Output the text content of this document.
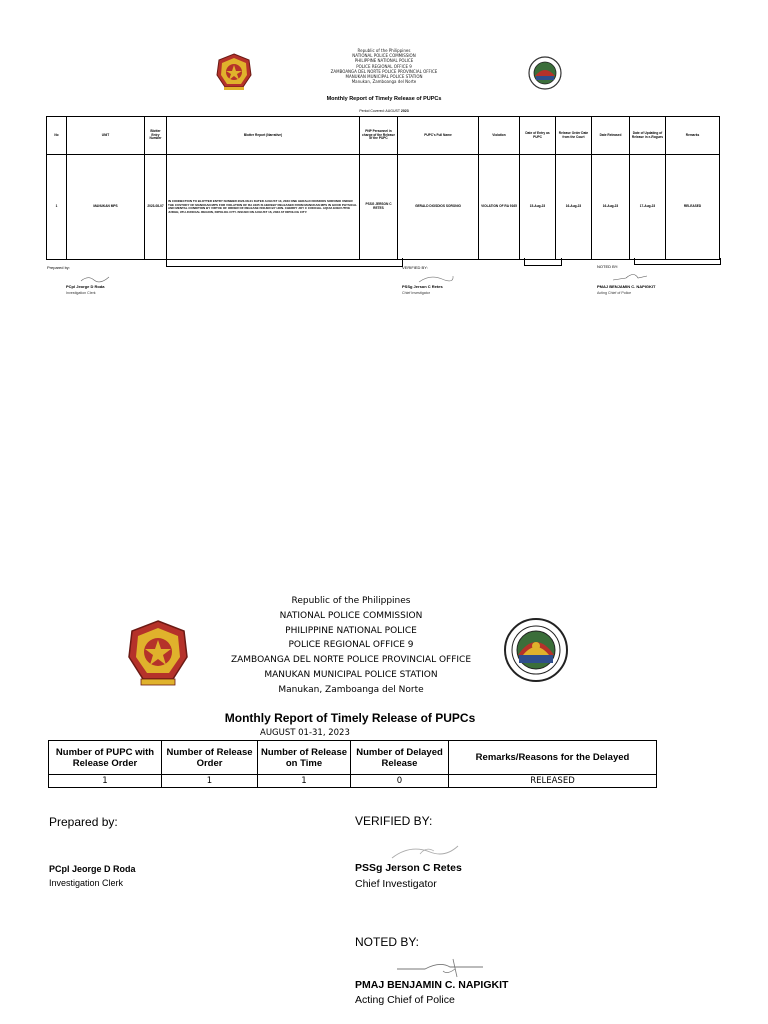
Republic of the Philippines
NATIONAL POLICE COMMISSION
PHILIPPINE NATIONAL POLICE
POLICE REGIONAL OFFICE 9
ZAMBOANGA DEL NORTE POLICE PROVINCIAL OFFICE
MANUKAN MUNICIPAL POLICE STATION
Manukan, Zamboanga del Norte
Monthly Report of Timely Release of PUPCs
Period Covered: AUGUST 2023
No	UNIT	Blotter Entry Number	Blotter Report (Narrative)	PNP Personnel in charge of the Release of the PUPC	PUPC's Full Name	Violation	Date of Entry as PUPC	Release Order Date from the Court	Date Released	Date of Updating of Release in e-Rogues	Remarks
1	MANUKAN MPS	2023-08-07	IN CONNECTION TO BLOTTER ENTRY NUMBER 2023-08-01 DATED AUGUST 13, 2023 ONE GERALD DIOSDIOS SORONIO UNDER THE CUSTODY OF MANUKAN MPS FOR VIOLATION OF RA 9165 IS HEREBY RELEASED FROM MANUKAN MPS IN GOOD PHYSICAL AND MENTAL CONDITION BY VIRTUE OF ORDER OF RELEASE ISSUED BY HON. CHERRY JOY C CONCHA- AQUIA EXECUTIVE JUDGE, 9TH JUDICIAL REGION, DIPOLOG CITY. ISSUED ON AUGUST 16, 2023 AT DIPOLOG CITY.	PSSG JERSON C RETES	GERALD DIOSDIOS SORONIO	VIOLATION OF RA 9165	15-Aug-23	16-Aug-23	16-Aug-23	17-Aug-23	RELEASED
Prepared by:
PCpl Jeorge D Roda
Investigation Clerk
VERIFIED BY:
PSSg Jerson C Retes
Chief Investigator
NOTED BY:
PMAJ BENJAMIN C. NAPIGKIT
Acting Chief of Police
Republic of the Philippines
NATIONAL POLICE COMMISSION
PHILIPPINE NATIONAL POLICE
POLICE REGIONAL OFFICE 9
ZAMBOANGA DEL NORTE POLICE PROVINCIAL OFFICE
MANUKAN MUNICIPAL POLICE STATION
Manukan, Zamboanga del Norte
Monthly Report of Timely Release of PUPCs
AUGUST 01-31, 2023
Number of PUPC with Release Order	Number of Release Order	Number of Release on Time	Number of Delayed Release	Remarks/Reasons for the Delayed
1	1	1	0	RELEASED
Prepared by:
PCpl Jeorge D Roda
Investigation Clerk
VERIFIED BY:
PSSg Jerson C Retes
Chief Investigator
NOTED BY:
PMAJ BENJAMIN C. NAPIGKIT
Acting Chief of Police
